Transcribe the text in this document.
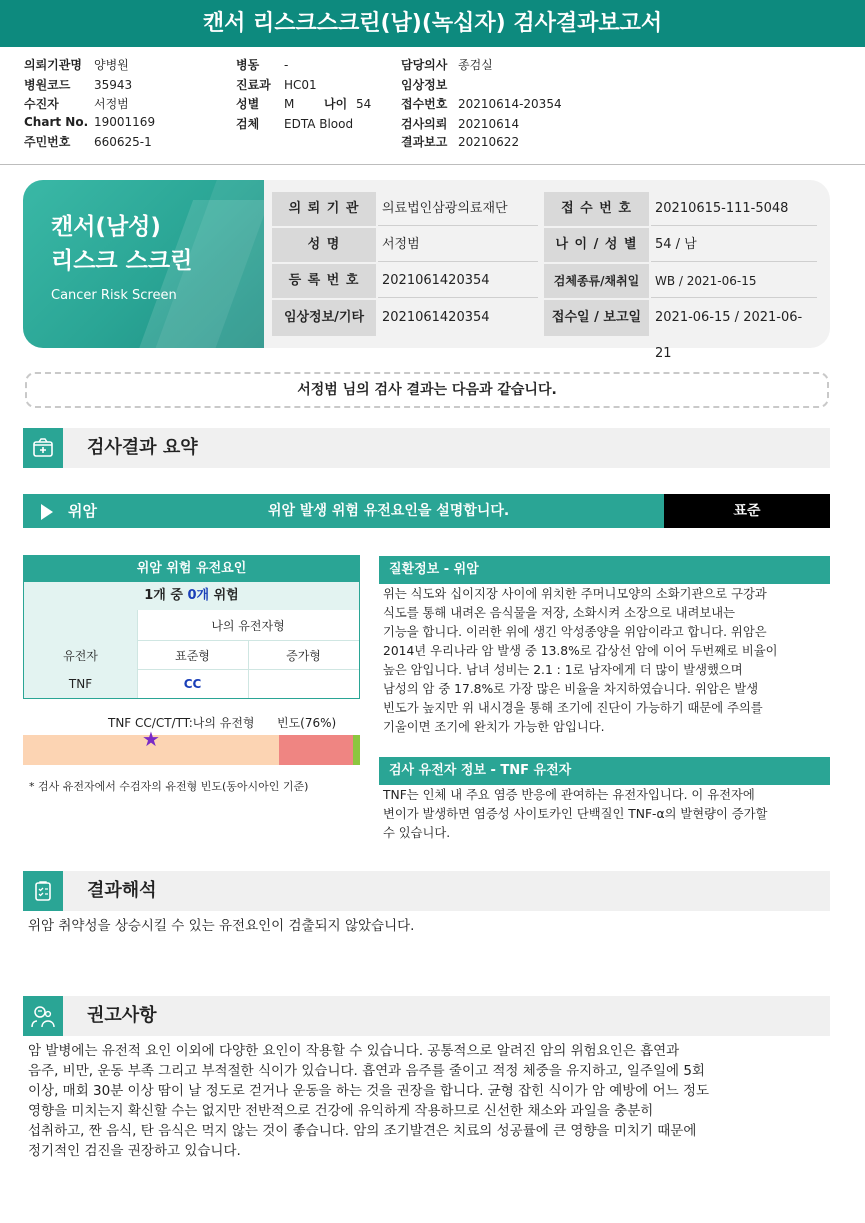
캔서 리스크스크린(남)(녹십자) 검사결과보고서
의뢰기관명 양병원
병원코드 35943
수진자	서정범
Chart No. 19001169
주민번호 660625-1
병동 -
진료과 HC01
성별 M 나이 54
검체 EDTA Blood
담당의사 종검실
임상정보
접수번호 20210614-20354
검사의뢰 20210614
결과보고 20210622
캔서(남성)
리스크 스크린
Cancer Risk Screen
의 뢰 기 관	의료법인삼광의료재단	접 수 번 호	20210615-111-5048
성 명	서정범	나 이 / 성 별	54 / 남
등 록 번 호	2021061420354	검체종류/채취일	WB / 2021-06-15
임상정보/기타	2021061420354	접수일 / 보고일	2021-06-15 / 2021-06-21
서정범 님의 검사 결과는 다음과 같습니다.
검사결과 요약
위암	위암 발생 위험 유전요인을 설명합니다.	표준
위암 위험 유전요인
1개 중 0개 위험
나의 유전자형
유전자	표준형	증가형
TNF	CC
TNF CC/CT/TT:나의 유전형 빈도(76%)
★
* 검사 유전자에서 수검자의 유전형 빈도(동아시아인 기준)
질환정보 - 위암
위는 식도와 십이지장 사이에 위치한 주머니모양의 소화기관으로 구강과
식도를 통해 내려온 음식물을 저장, 소화시켜 소장으로 내려보내는
기능을 합니다. 이러한 위에 생긴 악성종양을 위암이라고 합니다. 위암은
2014년 우리나라 암 발생 중 13.8%로 갑상선 암에 이어 두번째로 비율이
높은 암입니다. 남녀 성비는 2.1 : 1로 남자에게 더 많이 발생했으며
남성의 암 중 17.8%로 가장 많은 비율을 차지하였습니다. 위암은 발생
빈도가 높지만 위 내시경을 통해 조기에 진단이 가능하기 때문에 주의를
기울이면 조기에 완치가 가능한 암입니다.
검사 유전자 정보 - TNF 유전자
TNF는 인체 내 주요 염증 반응에 관여하는 유전자입니다. 이 유전자에
변이가 발생하면 염증성 사이토카인 단백질인 TNF-α의 발현량이 증가할
수 있습니다.
결과해석
위암 취약성을 상승시킬 수 있는 유전요인이 검출되지 않았습니다.
권고사항
암 발병에는 유전적 요인 이외에 다양한 요인이 작용할 수 있습니다. 공통적으로 알려진 암의 위험요인은 흡연과
음주, 비만, 운동 부족 그리고 부적절한 식이가 있습니다. 흡연과 음주를 줄이고 적정 체중을 유지하고, 일주일에 5회
이상, 매회 30분 이상 땀이 날 정도로 걷거나 운동을 하는 것을 권장을 합니다. 균형 잡힌 식이가 암 예방에 어느 정도
영향을 미치는지 확신할 수는 없지만 전반적으로 건강에 유익하게 작용하므로 신선한 채소와 과일을 충분히
섭취하고, 짠 음식, 탄 음식은 먹지 않는 것이 좋습니다. 암의 조기발견은 치료의 성공률에 큰 영향을 미치기 때문에
정기적인 검진을 권장하고 있습니다.
